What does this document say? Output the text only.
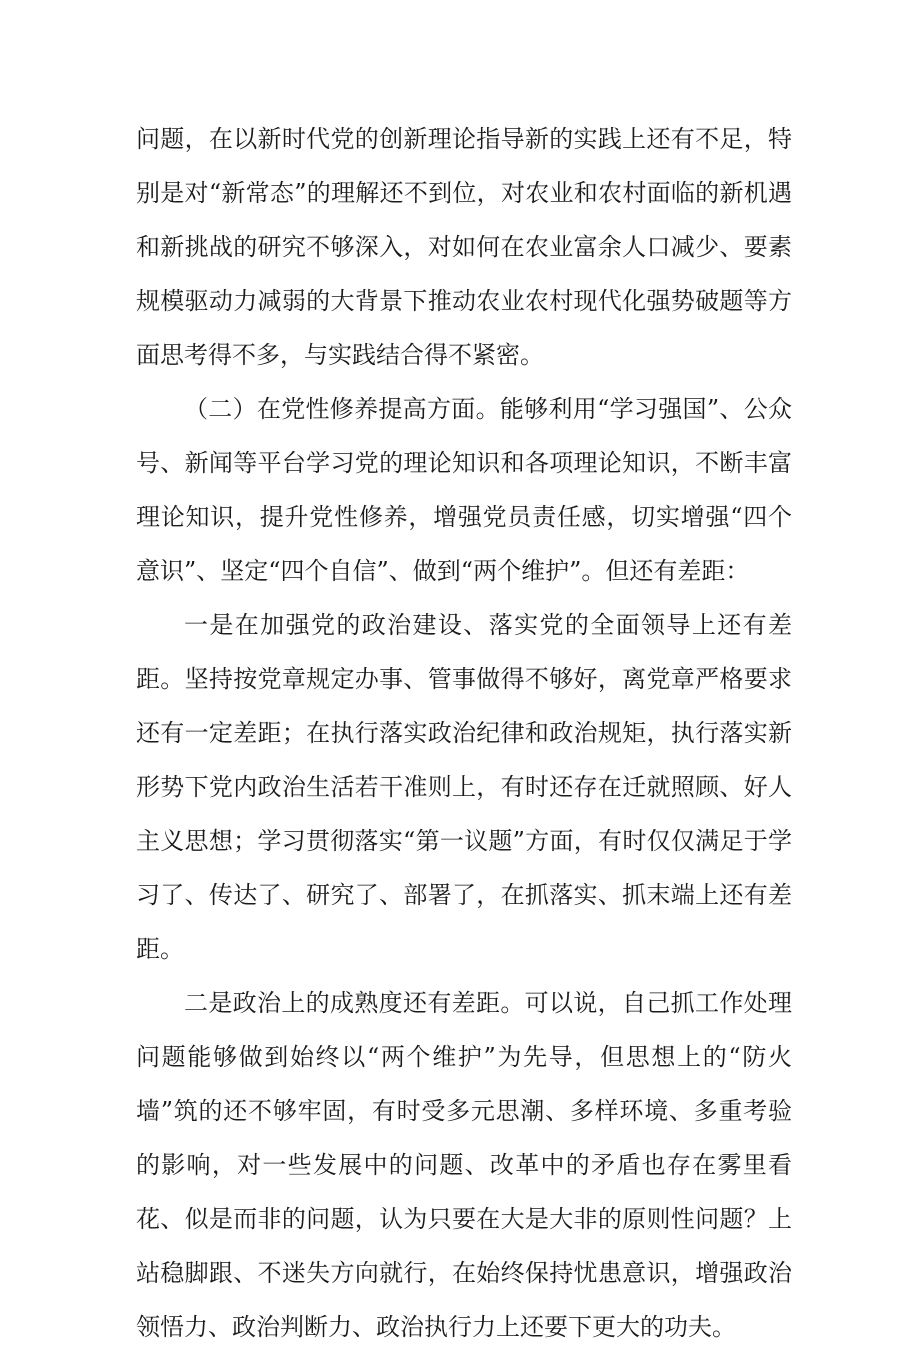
问题，在以新时代党的创新理论指导新的实践上还有不足，特别是对“新常态”的理解还不到位，对农业和农村面临的新机遇和新挑战的研究不够深入，对如何在农业富余人口减少、要素规模驱动力减弱的大背景下推动农业农村现代化强势破题等方面思考得不多，与实践结合得不紧密。

（二）在党性修养提高方面。能够利用“学习强国”、公众号、新闻等平台学习党的理论知识和各项理论知识，不断丰富理论知识，提升党性修养，增强党员责任感，切实增强“四个意识”、坚定“四个自信”、做到“两个维护”。但还有差距：

一是在加强党的政治建设、落实党的全面领导上还有差距。坚持按党章规定办事、管事做得不够好，离党章严格要求还有一定差距；在执行落实政治纪律和政治规矩，执行落实新形势下党内政治生活若干准则上，有时还存在迁就照顾、好人主义思想；学习贯彻落实“第一议题”方面，有时仅仅满足于学习了、传达了、研究了、部署了，在抓落实、抓末端上还有差距。

二是政治上的成熟度还有差距。可以说，自己抓工作处理问题能够做到始终以“两个维护”为先导，但思想上的“防火墙”筑的还不够牢固，有时受多元思潮、多样环境、多重考验的影响，对一些发展中的问题、改革中的矛盾也存在雾里看花、似是而非的问题，认为只要在大是大非的原则性问题？上站稳脚跟、不迷失方向就行，在始终保持忧患意识，增强政治领悟力、政治判断力、政治执行力上还要下更大的功夫。
